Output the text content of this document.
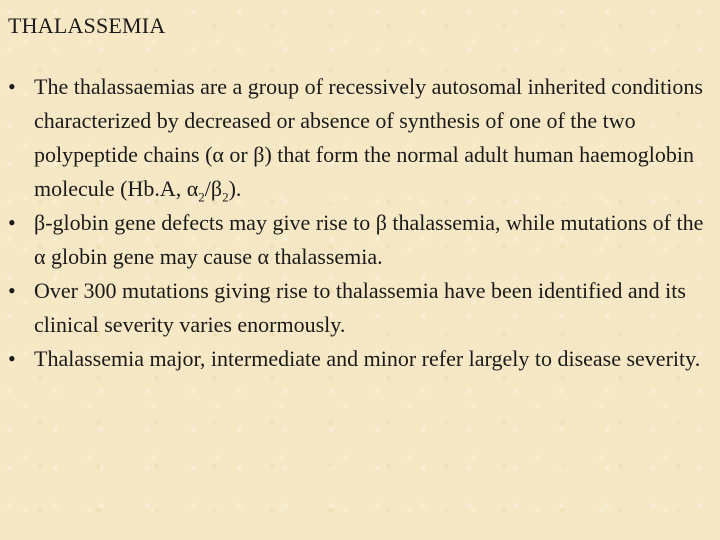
THALASSEMIA
• The thalassaemias are a group of recessively autosomal inherited conditions characterized by decreased or absence of synthesis of one of the two polypeptide chains (α or β) that form the normal adult human haemoglobin molecule (Hb.A, $\alpha_2/\beta_2$).
• β-globin gene defects may give rise to β thalassemia, while mutations of the α globin gene may cause α thalassemia.
• Over 300 mutations giving rise to thalassemia have been identified and its clinical severity varies enormously.
• Thalassemia major, intermediate and minor refer largely to disease severity.
